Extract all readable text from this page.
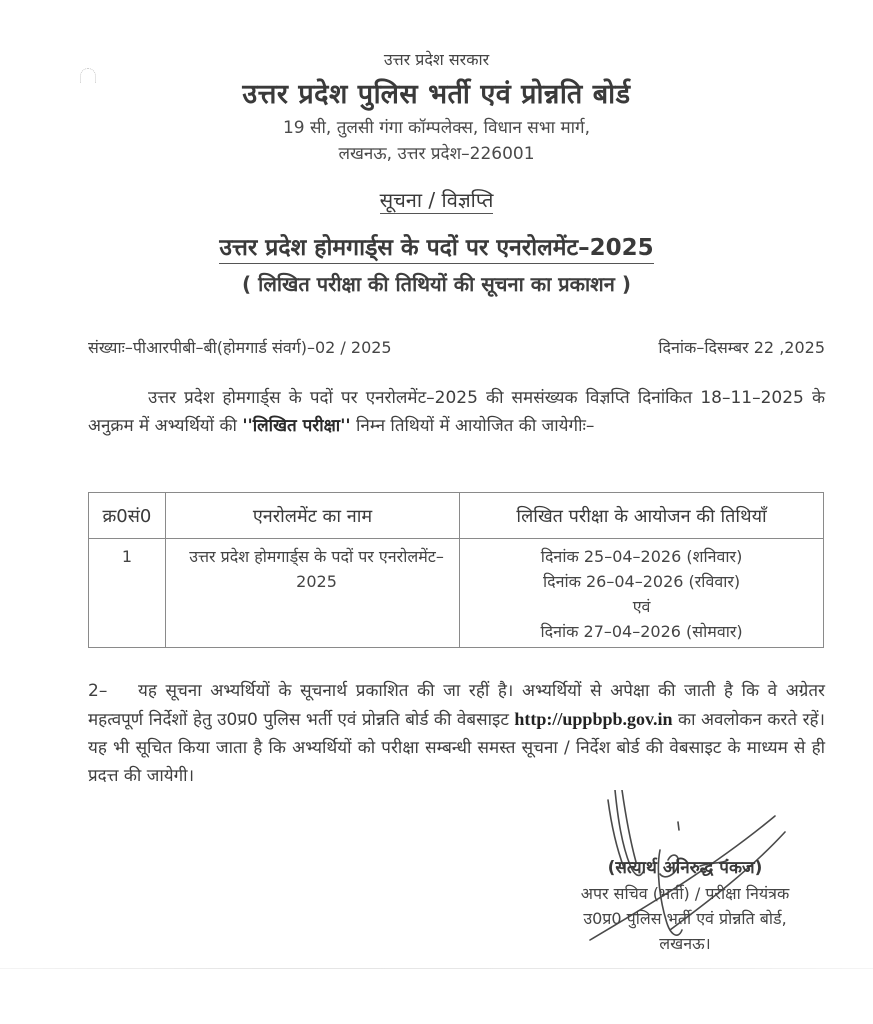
उत्तर प्रदेश सरकार
उत्तर प्रदेश पुलिस भर्ती एवं प्रोन्नति बोर्ड
19 सी, तुलसी गंगा कॉम्पलेक्स, विधान सभा मार्ग,
लखनऊ, उत्तर प्रदेश–226001
सूचना / विज्ञप्ति
उत्तर प्रदेश होमगार्ड्स के पदों पर एनरोलमेंट–2025
( लिखित परीक्षा की तिथियों की सूचना का प्रकाशन )
संख्याः–पीआरपीबी–बी(होमगार्ड संवर्ग)–02 / 2025	दिनांक–दिसम्बर 22 ,2025
उत्तर प्रदेश होमगार्ड्स के पदों पर एनरोलमेंट–2025 की समसंख्यक विज्ञप्ति दिनांकित 18–11–2025 के अनुक्रम में अभ्यर्थियों की ''लिखित परीक्षा'' निम्न तिथियों में आयोजित की जायेगीः–
क्र0सं0	एनरोलमेंट का नाम	लिखित परीक्षा के आयोजन की तिथियाँ
1	उत्तर प्रदेश होमगार्ड्स के पदों पर एनरोलमेंट–2025	दिनांक 25–04–2026 (शनिवार)
दिनांक 26–04–2026 (रविवार)
एवं
दिनांक 27–04–2026 (सोमवार)
2– यह सूचना अभ्यर्थियों के सूचनार्थ प्रकाशित की जा रहीं है। अभ्यर्थियों से अपेक्षा की जाती है कि वे अग्रेतर महत्वपूर्ण निर्देशों हेतु उ0प्र0 पुलिस भर्ती एवं प्रोन्नति बोर्ड की वेबसाइट http://uppbpb.gov.in का अवलोकन करते रहें। यह भी सूचित किया जाता है कि अभ्यर्थियों को परीक्षा सम्बन्धी समस्त सूचना / निर्देश बोर्ड की वेबसाइट के माध्यम से ही प्रदत्त की जायेगी।
(सत्यार्थ अनिरुद्ध पंकज)
अपर सचिव (भर्ती) / परीक्षा नियंत्रक
उ0प्र0 पुलिस भर्ती एवं प्रोन्नति बोर्ड,
लखनऊ।
